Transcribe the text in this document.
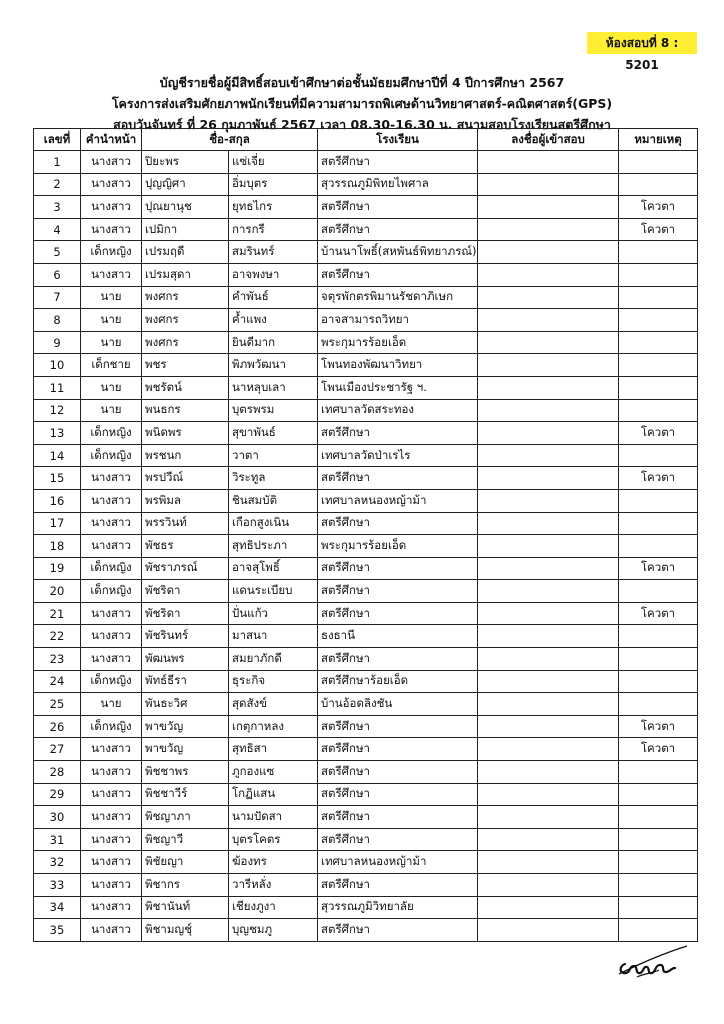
ห้องสอบที่ 8 : 5201
บัญชีรายชื่อผู้มีสิทธิ์สอบเข้าศึกษาต่อชั้นมัธยมศึกษาปีที่ 4 ปีการศึกษา 2567
โครงการส่งเสริมศักยภาพนักเรียนที่มีความสามารถพิเศษด้านวิทยาศาสตร์-คณิตศาสตร์(GPS)
สอบวันจันทร์ ที่ 26 กุมภาพันธ์ 2567 เวลา 08.30-16.30 น. สนามสอบโรงเรียนสตรีศึกษา
เลขที่	คำนำหน้า	ชื่อ-สกุล		โรงเรียน	ลงชื่อผู้เข้าสอบ	หมายเหตุ
1	นางสาว	ปิยะพร	แซ่เจี่ย	สตรีศึกษา		
2	นางสาว	ปุญญิศา	อิ่มบุตร	สุวรรณภูมิพิทยไพศาล		
3	นางสาว	ปุณยานุช	ยุทธไกร	สตรีศึกษา		โควตา
4	นางสาว	เปมิกา	การกรี	สตรีศึกษา		โควตา
5	เด็กหญิง	เปรมฤดี	สมรินทร์	บ้านนาโพธิ์(สหพันธ์พิทยาภรณ์)		
6	นางสาว	เปรมสุดา	อาจพงษา	สตรีศึกษา		
7	นาย	พงศกร	คำพันธ์	จตุรพักตรพิมานรัชดาภิเษก		
8	นาย	พงศกร	ค้ำแพง	อาจสามารถวิทยา		
9	นาย	พงศกร	ยินดีมาก	พระกุมารร้อยเอ็ด		
10	เด็กชาย	พชร	พิภพวัฒนา	โพนทองพัฒนาวิทยา		
11	นาย	พชรัตน์	นาหลุบเลา	โพนเมืองประชารัฐ ฯ.		
12	นาย	พนธกร	บุตรพรม	เทศบาลวัดสระทอง		
13	เด็กหญิง	พนิดพร	สุขาพันธ์	สตรีศึกษา		โควตา
14	เด็กหญิง	พรชนก	วาตา	เทศบาลวัดป่าเรไร		
15	นางสาว	พรปวีณ์	วิระทูล	สตรีศึกษา		โควตา
16	นางสาว	พรพิมล	ชินสมบัติ	เทศบาลหนองหญ้าม้า		
17	นางสาว	พรรวินท์	เกือกสูงเนิน	สตรีศึกษา		
18	นางสาว	พัชธร	สุทธิประภา	พระกุมารร้อยเอ็ด		
19	เด็กหญิง	พัชราภรณ์	อาจสุโพธิ์	สตรีศึกษา		โควตา
20	เด็กหญิง	พัชริดา	แดนระเบียบ	สตรีศึกษา		
21	นางสาว	พัชริดา	ปั่นแก้ว	สตรีศึกษา		โควตา
22	นางสาว	พัชรินทร์	มาสนา	ธงธานี		
23	นางสาว	พัฒนพร	สมยาภักดี	สตรีศึกษา		
24	เด็กหญิง	พัทธ์ธีรา	ธุระกิจ	สตรีศึกษาร้อยเอ็ด		
25	นาย	พันธะวิศ	สุดสังข์	บ้านอ้อดลิงชัน		
26	เด็กหญิง	พาขวัญ	เกตุกาหลง	สตรีศึกษา		โควตา
27	นางสาว	พาขวัญ	สุทธิสา	สตรีศึกษา		โควตา
28	นางสาว	พิชชาพร	ภูกองแซ	สตรีศึกษา		
29	นางสาว	พิชชาวีร์	โกฏิแสน	สตรีศึกษา		
30	นางสาว	พิชญาภา	นามปัดสา	สตรีศึกษา		
31	นางสาว	พิชญาวี	บุตรโคตร	สตรีศึกษา		
32	นางสาว	พิชัยญา	ฆ้องทร	เทศบาลหนองหญ้าม้า		
33	นางสาว	พิชากร	วารีหลั่ง	สตรีศึกษา		
34	นางสาว	พิชานันท์	เชียงภูงา	สุวรรณภูมิวิทยาลัย		
35	นางสาว	พิชามญชุ์	บุญชมภู	สตรีศึกษา		
